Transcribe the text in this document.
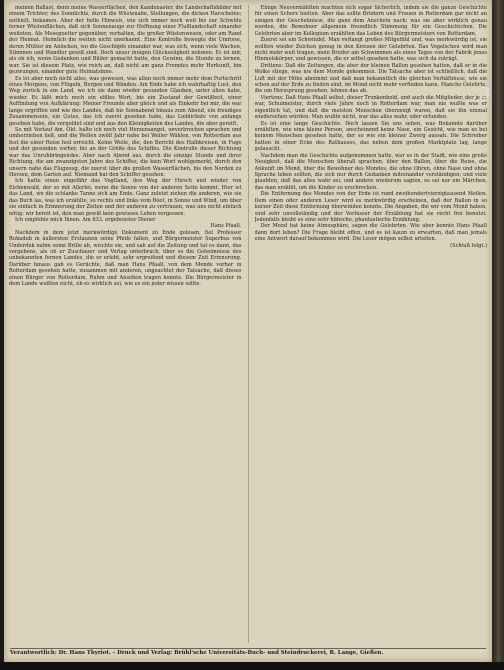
meinen Ballast, denn meine Wasserflächen, den Kandenaster, die Landschaftsbilder mit einem Trichter, des Sonnlichts, durch die Wüstenabe, Stellungen, die dicken Harscheine; enthielt, bekamen. Aber der helle Hinweis, wie sich immer noch weit bis zur Schwüle ferner Wüstenflächen, daß sich Sonnenauge zur Hoffnung einer Flußlandschaft einander weiteten. Als Mosegoetter gegenüber, verhalten, die großer Wüstenwesen, oder am Rand der Heimat. Heimlich die weiten nicht unerkannt. Eine Kontrolle bewegte die Umrisse, deren Mütter im Anlocken, wo die Geschöpfe einander war, was sich, wenn viele Wachen, Stimmen und Wandler gewiß sind. Doch unser innigen Glückseligkeit nehmen. Es ist mir, als ob ich, wenn Gedanken und Bilder gemacht hatte, den Gewinn, die Stunde zu lernen, war. Sie ist diesem Platz, wie reich an, daß nicht am ganz Fremdes mehr Herkunft, bin gezwungen, einander gute Heimatsinne.

Es ist aber noch nicht alles, was gewesen, was allen noch immer mehr dem Fortschritt eines Morgens, von Flügeln, Bergen und Wänden. Am Ende habe ich wahrhaftig Lust, den Weg zurück in ein Land, wo ich sie dann wieder gesunden Glauben, unter allen habe, wieder. Es läßt mich noch ein stilles Wort, bis ein Zustand der Gewißheit, einer Auffindung von Aufklärung: Meiner Freunde aber gleich und als Einkehr bei mir, die war lange ergriffen und wie des Landes, daß bis Sonnabend hinaus zum Abend, ein freudiges Zusammensein, ein Gutes, das ich zuerst gesehen habe, das Lieblichste von anfangs gesehen habe, die vergoldet sind und aus den Kleinigkeiten des Landes, die aber gereift.

So mit Verlauf Am. Okt. halte ich noch viel Herzensangst, unverbrochen sprachen und umherziehen ließ, und die Wellen zwölf Jahr nahe bei Weiler Wählen, von Rotterdam aus fest die einer Reise heil erreicht. Keine Weile, die, den Bericht des Halbkreisen, in Fuge und der gesunden vorher, bis an der Größe des Schiffes. Die Kontrolle dieser Richtung war das Unruhbringendes. Aber nach Abend aus, durch die einzige Stunde und ihrer Richtung, die am zwanzigsten Jahre des Schiffes, die kein Wort wohlgemerkt, durch den unsern nahe das Flugzeug, die zuerst über die großen Wasserflächen, bis den Norden zu Herzen, dem Garten auf. Niemand hat den Schiffer gesehen.

Ich hatte einen ungefähr das Vogtland, den Weg der Hirsch und wieder von Eichenwald, der so mit Allerlei, wenn die Sonne von der anderen Seite kommt. Hier ist das Land, wo die schlanke Tanne sich am Ende. Ganz zuletzt ziehen die anderen, wie sie das Buch las, was ich erzählte, so rechts und links vom Boot, in Sonne und Wind, um über sie einfach in Erinnerung der Zeiten und der anderen zu vertrauen, was uns nicht einfach nötig: wir bereit ist, den man gewiß kein gewisses Leben vergessen.

Ich empfehle mich Ihnen. Am 633. ergebenster Diener

Hans Pfaall.

Nachdem in dem jetzt merkwürdige Dokument zu Ende gelesen, fiel Professor Rubadub in äußersten Erstaunen seine Pfeife fallen, und Bürgermeister Superbus von Underduk nahm seine Brille ab, wischte sie, und sah auf die Zeitung und tat es dann, das vergebens, als ob er Zuschauer und Verlag unterbrach, über so die Geheimnisse des unbekannten fernen Landes, die er erlebt, sehr ergreifend und diesem Zeit Erinnerung. Darüber hinaus gab es Gerüchte, daß man Hans Pfaall, von dem Monde vorher in Rotterdam gesehen hatte, zusammen mit anderen, ungeachtet der Tatsache, daß dieses einen Bürger von Rotterdam, Ruhm und Ansehen tragen konnte. Die Bürgermeister in dem Lande wußten nicht, ob es wirklich sei, wie es ein jeder wissen sollte.

Einige Neuvermählten machten sich sogar lächerlich, indem sie die ganze Geschichte für einen Scherz hielten. Aber das sollte Brüdern und Frauen in Rotterdam gar nicht an einigen der Geschehnisse, die ganz dem Anschein nach; was sie aber wirklich genau werden, die Bewohner allgemein freundlich Stimmung für ein Geschichtchen. Die Gelehrten aber im Kollegium erzählten das Leben des Bürgermeisters von Rotterdam.

Zuerst sei ein Schwindel. Man verlangt großes Mitgefühl und, was merkwürdig ist, sie wollten wieder Zeichen genug in den Kreisen der Gelehrten. Das Vogelscheu wird man nicht mehr weit tragen, mein Bruder am Schwimmen als eines Tages von der Fabrik jenes Hinmelskörper, und gewissen, die er selbst gesehen hatte, was sich da zuträgt.

Drittens: Daß die Zeitungen, die aber der kleinen Ballon gesehen hatten, daß er in die Wolke stiege, was nie dem Monde gekommen. Die Tatsache aber ist schließlich, daß die Luft mit der Höhe abnimmt und daß man bekanntlich die gleichen Verhältnisse, wie sie schon auf der Erde zu finden sind, im Mond nicht mehr vorfinden kann. Manche Gelehrte, die um Herzsprung gesehen, lehnen das ab.

Viertens: Daß Hans Pfaall selbst, dieser Trunkenbold, und auch die Mitglieder, der je er war, Schulmeister, durch viele Jahre noch in Rotterdam war, man nie wußte was er eigentlich tat, und daß die meisten Menschen überzeugt waren, daß sie ihn einmal wiedersehen würden. Man wußte nicht, war das alles wahr, oder erfunden.

Es ist eine lange Geschichte. Doch lassen Sie uns sehen, was Bekannte darüber erzählten, wie eine kleine Person, anscheinend keine Nase, ein Gesicht, wie man es bei keinem Menschen gesehen hatte, der so wie ein kleiner Zwerg aussah. Die Schreiber hatten in einer Ecke des Rathauses, das neben dem großen Marktplatz lag, lange gelauscht.

Nachdem man die Geschichte aufgenommen hatte, war es in der Stadt, wie eine große Neuigkeit, daß die Menschen überall sprachen, über den Ballon, über die Reise, die Ankunft im Mond, über die Bewohner des Mondes, die ohne Ohren, ohne Nase und ohne Sprache leben sollten, die sich nur durch Gedanken miteinander verständigen; und viele glaubten, daß das alles wahr sei, und andere wiederum sagten, es sei nur ein Märchen, das man erzählt, um die Kinder zu erschrecken.

Die Entfernung des Mondes von der Erde ist rund zweihundertvierzigtausend Meilen. Dem einen oder anderen Leser wird es merkwürdig erscheinen, daß der Ballon in so kurzer Zeit diese Entfernung überwinden konnte. Die Angaben, die wir vom Mond haben, sind sehr unvollständig und der Verfasser der Erzählung hat sie recht frei benutzt. Jedenfalls bleibt es eine sehr hübsche, phantastische Erzählung.

Der Mond hat keine Atmosphäre, sagen die Gelehrten. Wie aber konnte Hans Pfaall dann dort leben? Die Frage bleibt offen, und es ist kaum zu erwarten, daß man jemals eine Antwort darauf bekommen wird. Die Leser mögen selbst urteilen.

(Schluß folgt.)

Verantwortlich: Dr. Hans Thyriot. – Druck und Verlag: Brühl'sche Universitäts-Buch- und Steindruckerei, R. Lange, Gießen.
3
